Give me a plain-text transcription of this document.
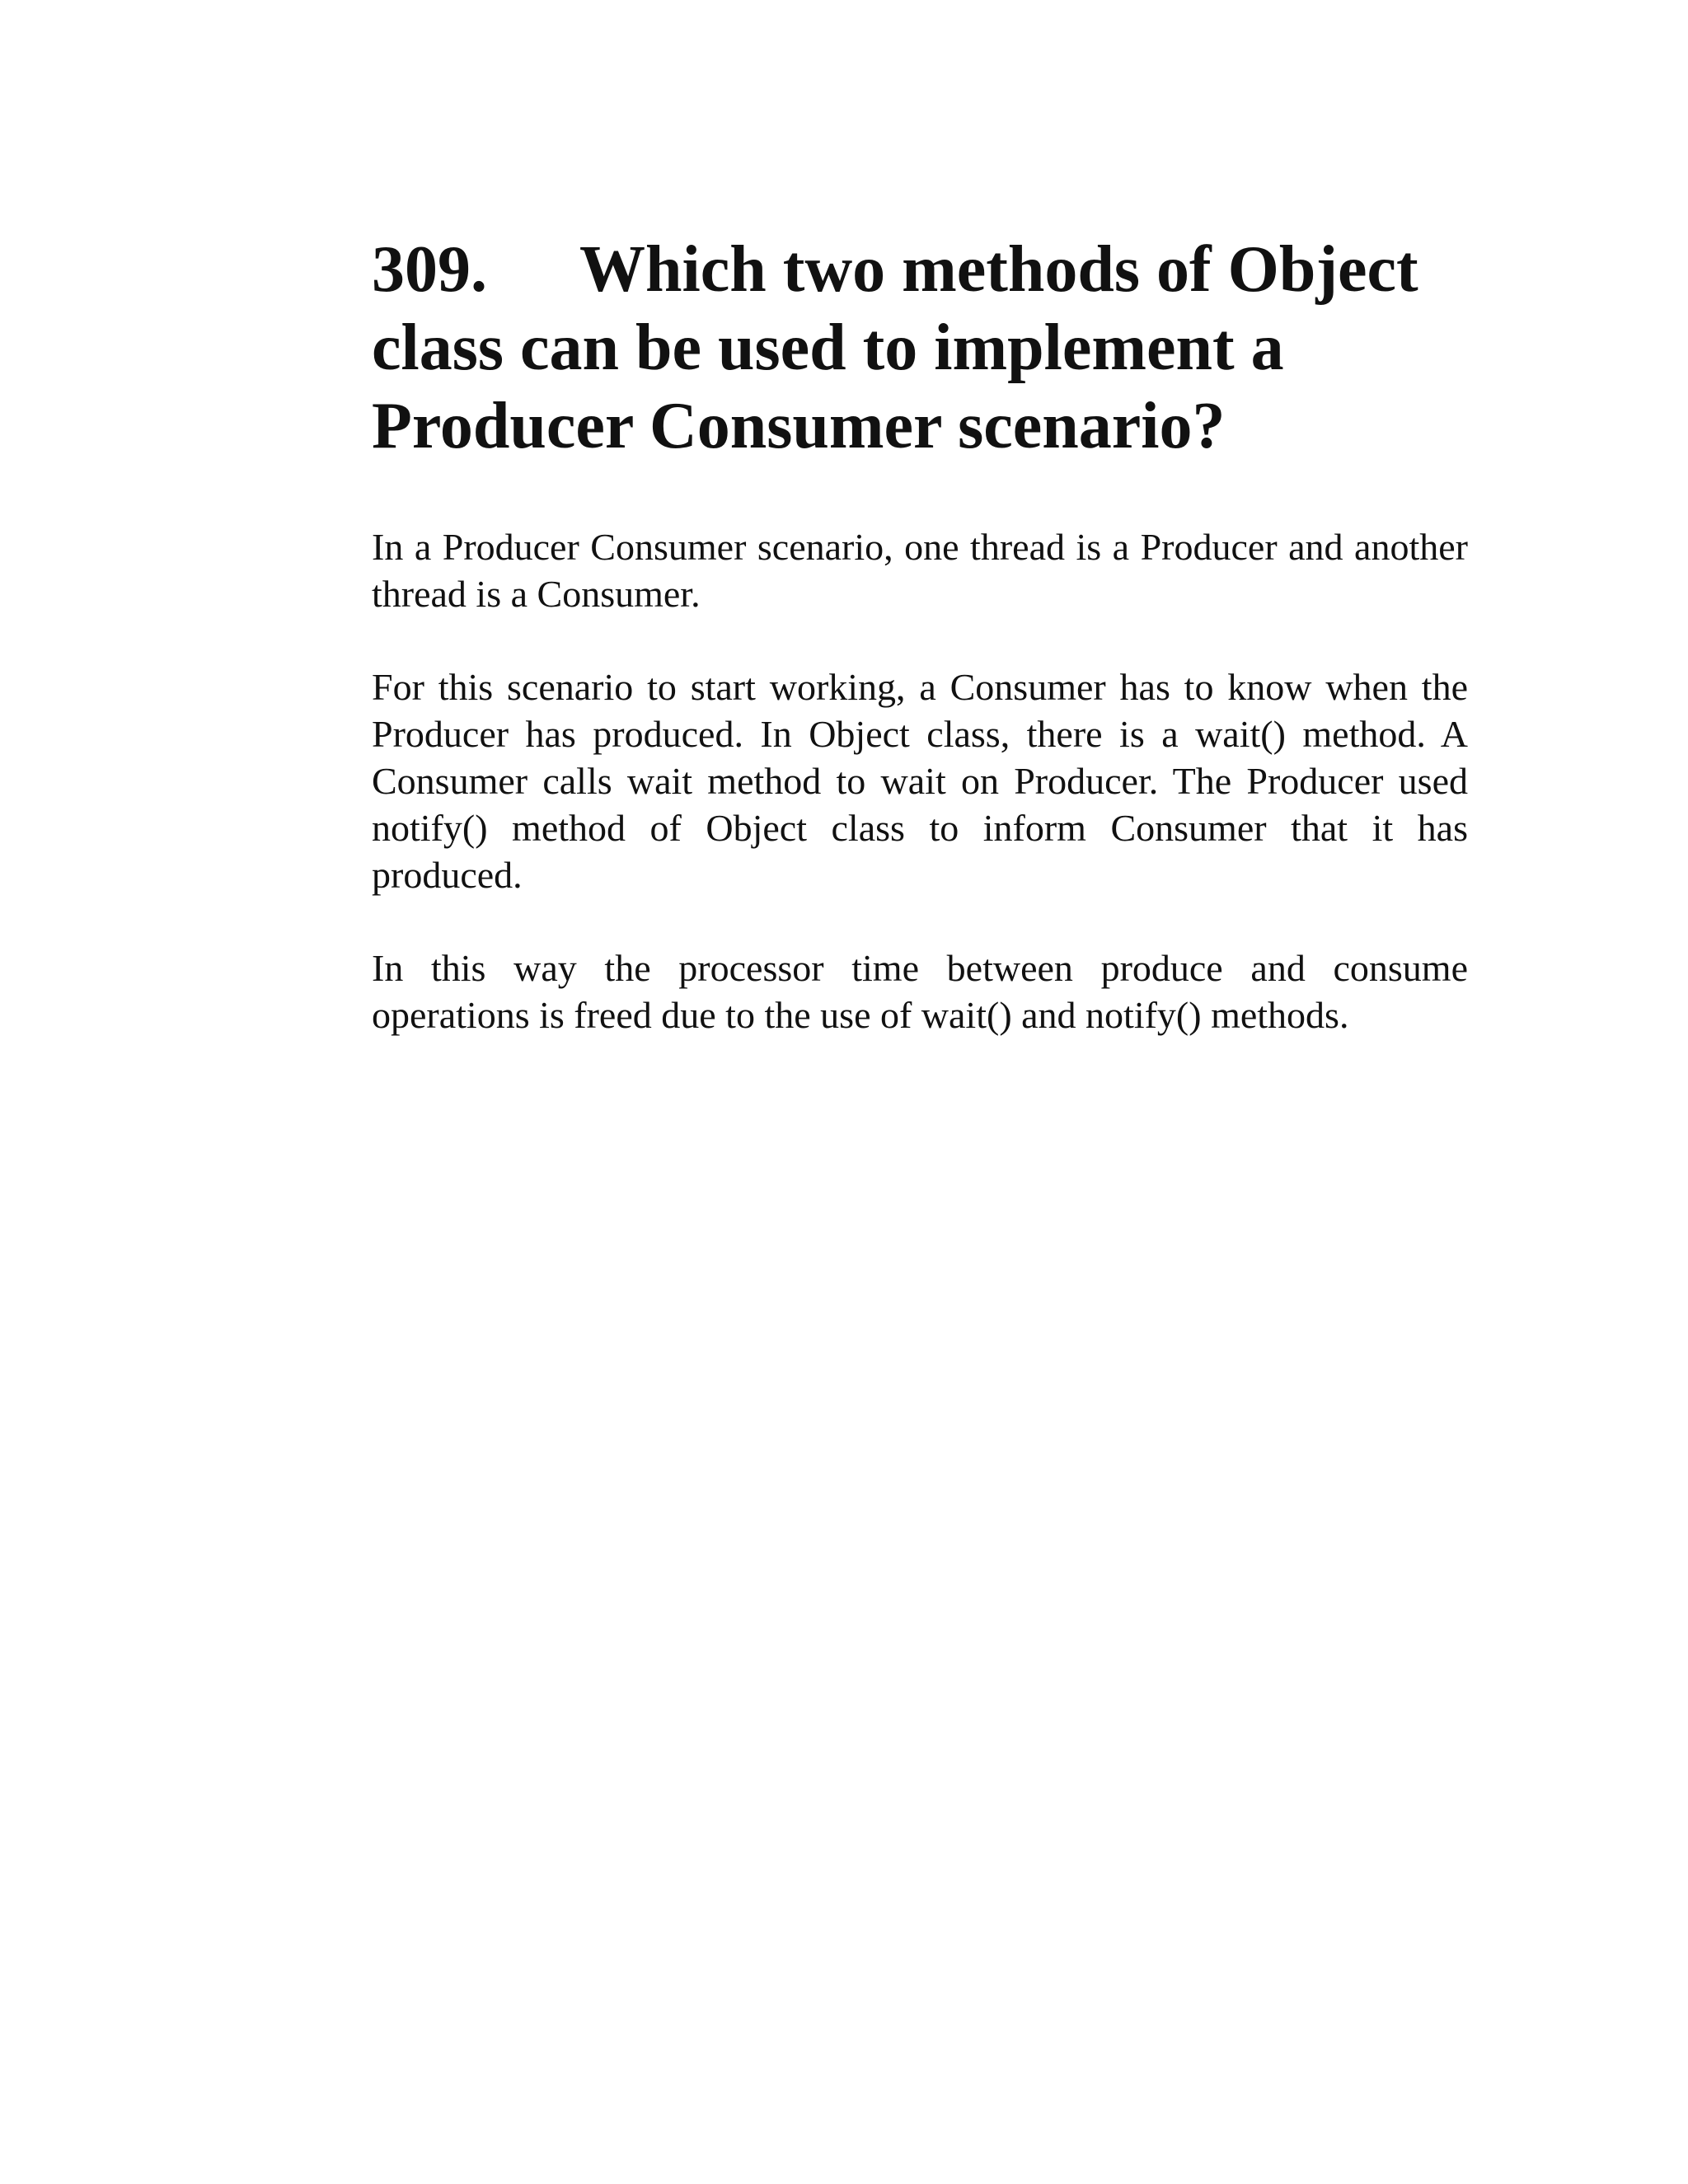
309. Which two methods of Object class can be used to implement a Producer Consumer scenario?

In a Producer Consumer scenario, one thread is a Producer and another thread is a Consumer.

For this scenario to start working, a Consumer has to know when the Producer has produced. In Object class, there is a wait() method. A Consumer calls wait method to wait on Producer. The Producer used notify() method of Object class to inform Consumer that it has produced.

In this way the processor time between produce and consume operations is freed due to the use of wait() and notify() methods.
